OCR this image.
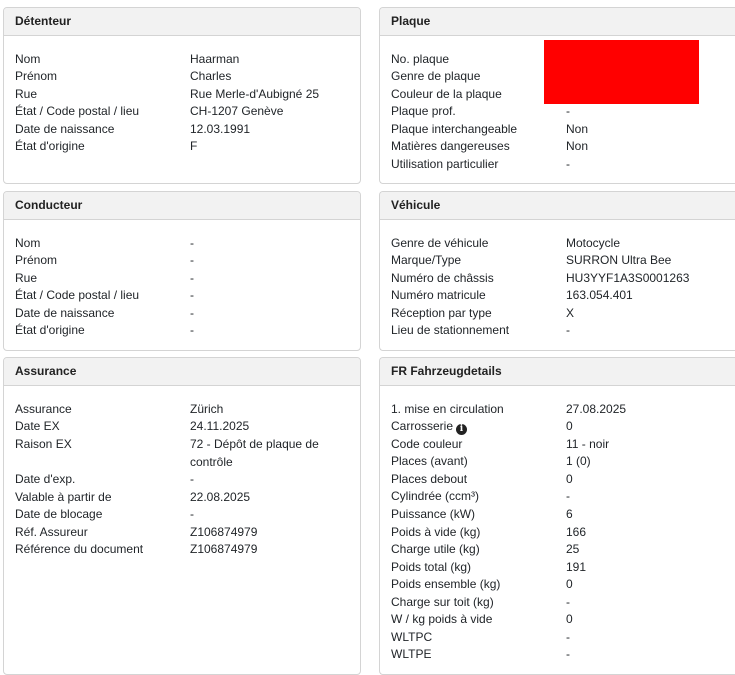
Détenteur
Nom	Haarman
Prénom	Charles
Rue	Rue Merle-d'Aubigné 25
État / Code postal / lieu	CH-1207 Genève
Date de naissance	12.03.1991
État d'origine	F
Conducteur
Nom	-
Prénom	-
Rue	-
État / Code postal / lieu	-
Date de naissance	-
État d'origine	-
Assurance
Assurance	Zürich
Date EX	24.11.2025
Raison EX	72 - Dépôt de plaque de contrôle
Date d'exp.	-
Valable à partir de	22.08.2025
Date de blocage	-
Réf. Assureur	Z106874979
Référence du document	Z106874979
Plaque
No. plaque
Genre de plaque
Couleur de la plaque
Plaque prof.	-
Plaque interchangeable	Non
Matières dangereuses	Non
Utilisation particulier	-
Véhicule
Genre de véhicule	Motocycle
Marque/Type	SURRON Ultra Bee
Numéro de châssis	HU3YYF1A3S0001263
Numéro matricule	163.054.401
Réception par type	X
Lieu de stationnement	-
FR Fahrzeugdetails
1. mise en circulation	27.08.2025
Carrosserie i	0
Code couleur	11 - noir
Places (avant)	1 (0)
Places debout	0
Cylindrée (ccm³)	-
Puissance (kW)	6
Poids à vide (kg)	166
Charge utile (kg)	25
Poids total (kg)	191
Poids ensemble (kg)	0
Charge sur toit (kg)	-
W / kg poids à vide	0
WLTPC	-
WLTPE	-
